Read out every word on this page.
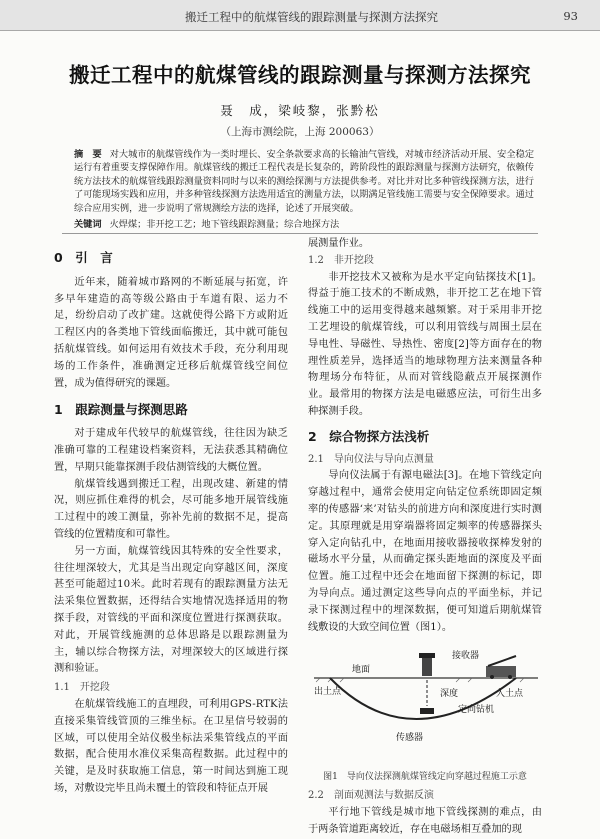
搬迁工程中的航煤管线的跟踪测量与探测方法探究	93
搬迁工程中的航煤管线的跟踪测量与探测方法探究
聂　成，梁岐黎，张黔松
（上海市测绘院，上海 200063）
摘　要 对大城市的航煤管线作为一类时埋长、安全条款要求高的长输油气管线，对城市经济活动开展、安全稳定运行有着重要支撑保障作用。航煤管线的搬迁工程代表是长复杂的，跨阶段性的跟踪测量与探测方法研究，依赖传统方法技术的航煤管线跟踪测量资料同时与以来的测绘探测与方法提供参考。对比并对比多种管线探测方法，进行了可能现场实践和应用，并多种管线探测方法选用适宜的测量方法，以期满足管线施工需要与安全保障要求。通过综合应用实例，进一步说明了常规测绘方法的选择，论述了开展突破。
关键词 火焊煤；非开挖工艺；地下管线跟踪测量；综合地探方法
0　引　言

近年来，随着城市路网的不断延展与拓宽，许多早年建造的高等级公路由于车道有限、运力不足，纷纷启动了改扩建。这就使得公路下方或附近工程区内的各类地下管线面临搬迁，其中就可能包括航煤管线。如何运用有效技术手段，充分利用现场的工作条件，准确测定迁移后航煤管线空间位置，成为值得研究的课题。

1　跟踪测量与探测思路

对于建成年代较早的航煤管线，往往因为缺乏准确可靠的工程建设档案资料，无法获悉其精确位置，早期只能靠探测手段估测管线的大概位置。

航煤管线遇到搬迁工程，出现改建、新建的情况，则应抓住难得的机会，尽可能多地开展管线施工过程中的竣工测量，弥补先前的数据不足，提高管线的位置精度和可靠性。

另一方面，航煤管线因其特殊的安全性要求，往往埋深较大，尤其是当出现定向穿越区间，深度甚至可能超过10米。此时若现有的跟踪测量方法无法采集位置数据，还得结合实地情况选择适用的物探手段，对管线的平面和深度位置进行探测获取。对此，开展管线施测的总体思路是以跟踪测量为主，辅以综合物探方法，对埋深较大的区域进行探测和验证。

1.1　开挖段

在航煤管线施工的直埋段，可利用GPS-RTK法直接采集管线管顶的三维坐标。在卫星信号较弱的区域，可以使用全站仪极坐标法采集管线点的平面数据，配合使用水准仪采集高程数据。此过程中的关键，是及时获取施工信息，第一时间达到施工现场，对敷设完毕且尚未覆土的管段和特征点开展

展测量作业。

1.2　非开挖段

非开挖技术又被称为是水平定向钻探技术[1]。得益于施工技术的不断成熟，非开挖工艺在地下管线施工中的运用变得越来越频繁。对于采用非开挖工艺埋设的航煤管线，可以利用管线与周围土层在导电性、导磁性、导热性、密度[2]等方面存在的物理性质差异，选择适当的地球物理方法来测量各种物理场分布特征，从而对管线隐蔽点开展探测作业。最常用的物探方法是电磁感应法，可衍生出多种探测手段。

2　综合物探方法浅析
2.1　导向仪法与导向点测量

导向仪法属于有源电磁法[3]。在地下管线定向穿越过程中，通常会使用定向钻定位系统即固定频率的传感器‘来’对钻头的前进方向和深度进行实时测定。其原理就是用穿端器将固定频率的传感器探头穿入定向钻孔中，在地面用接收器接收探棒发射的磁场水平分量，从而确定探头距地面的深度及平面位置。施工过程中还会在地面留下探测的标记，即为导向点。通过测定这些导向点的平面坐标，并记录下探测过程中的埋深数据，便可知道后期航煤管线敷设的大致空间位置（图1）。

地面
接收器
出土点	入土点
深度
定向钻机
传感器
图1　导向仪法探测航煤管线定向穿越过程施工示意
2.2　剖面观测法与数据反演

平行地下管线是城市地下管线探测的难点，由于两条管道距离较近，存在电磁场相互叠加的现
